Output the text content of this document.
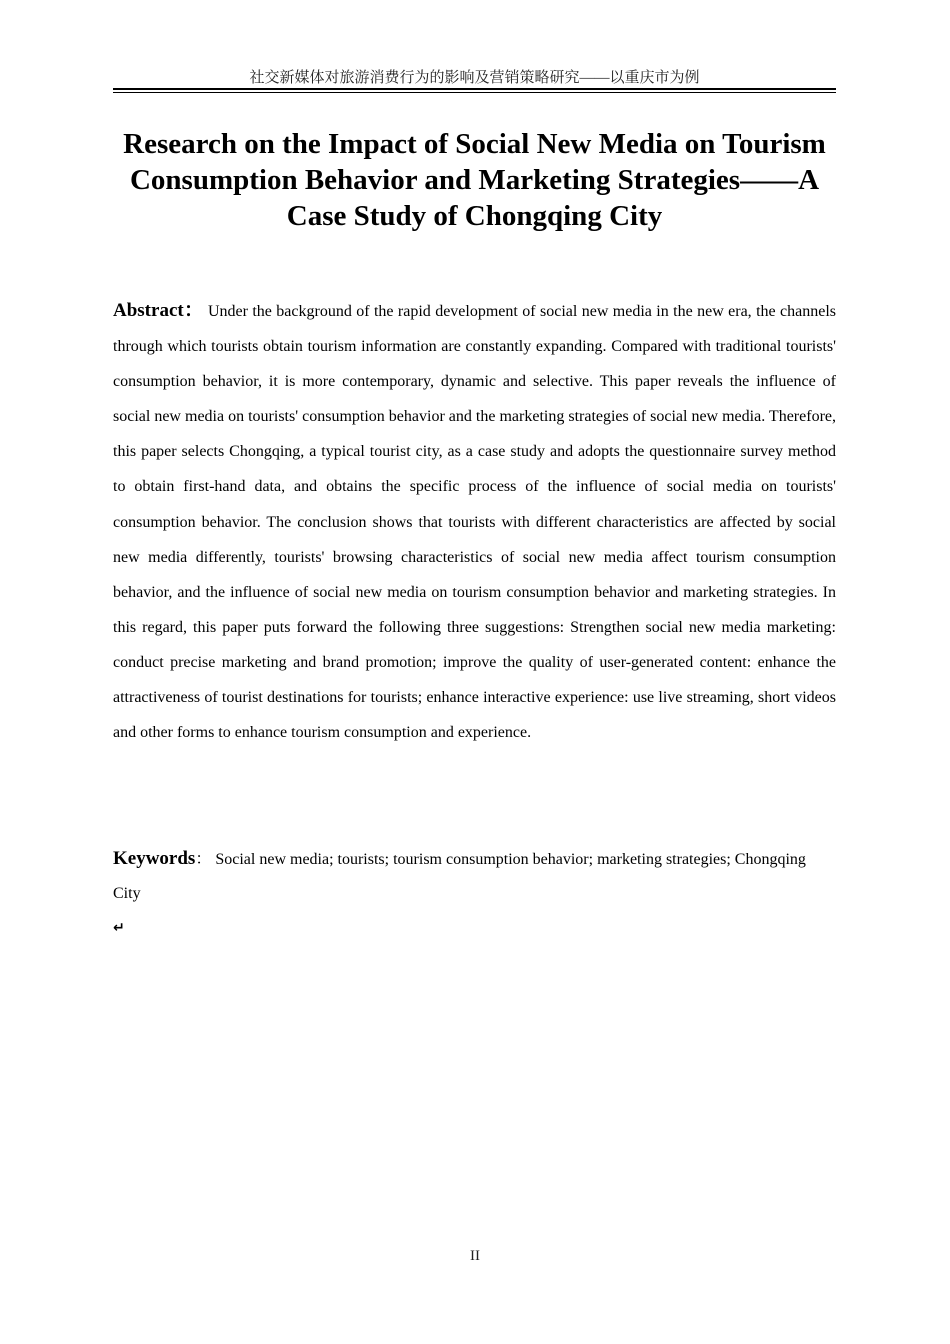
社交新媒体对旅游消费行为的影响及营销策略研究——以重庆市为例
Research on the Impact of Social New Media on Tourism Consumption Behavior and Marketing Strategies——A Case Study of Chongqing City

Abstract： Under the background of the rapid development of social new media in the new era, the channels through which tourists obtain tourism information are constantly expanding. Compared with traditional tourists' consumption behavior, it is more contemporary, dynamic and selective. This paper reveals the influence of social new media on tourists' consumption behavior and the marketing strategies of social new media. Therefore, this paper selects Chongqing, a typical tourist city, as a case study and adopts the questionnaire survey method to obtain first-hand data, and obtains the specific process of the influence of social media on tourists' consumption behavior. The conclusion shows that tourists with different characteristics are affected by social new media differently, tourists' browsing characteristics of social new media affect tourism consumption behavior, and the influence of social new media on tourism consumption behavior and marketing strategies. In this regard, this paper puts forward the following three suggestions: Strengthen social new media marketing: conduct precise marketing and brand promotion; improve the quality of user-generated content: enhance the attractiveness of tourist destinations for tourists; enhance interactive experience: use live streaming, short videos and other forms to enhance tourism consumption and experience.

Keywords： Social new media; tourists; tourism consumption behavior; marketing strategies; Chongqing City

↵
II
